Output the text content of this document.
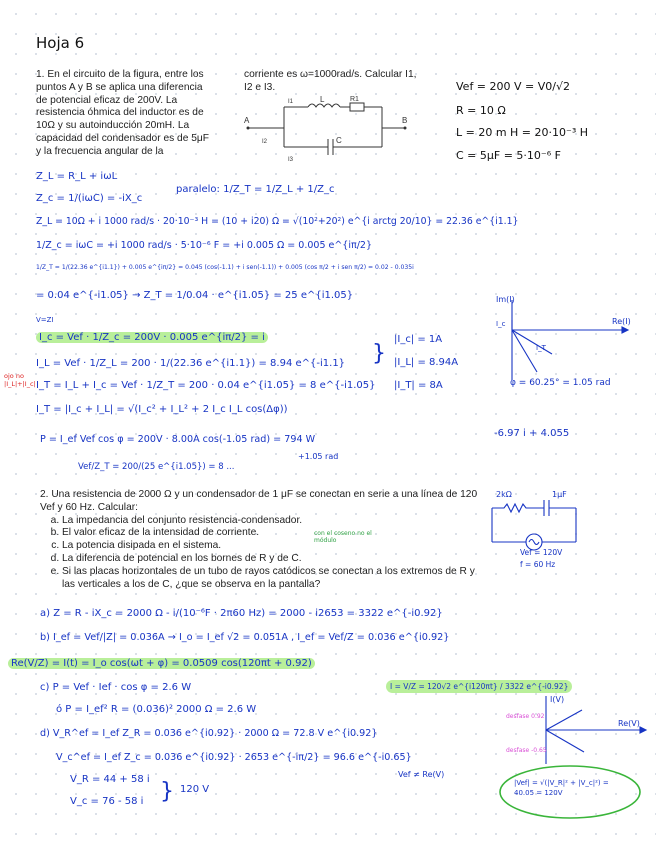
Hoja 6
1. En el circuito de la figura, entre los puntos A y B se aplica una diferencia de potencial eficaz de 200V. La resistencia óhmica del inductor es de 10Ω y su autoinducción 20mH. La capacidad del condensador es de 5μF y la frecuencia angular de la
corriente es ω=1000rad/s. Calcular I1, I2 e I3.
A	B
L	R1
C
I1
I2
I3
Vef = 200 V = V0/√2
R = 10 Ω
L = 20 m H = 20·10⁻³ H
C = 5μF = 5·10⁻⁶ F
Z_L = R_L + iωL
Z_c = 1/(iωC) = -iX_c
paralelo: 1/Z_T = 1/Z_L + 1/Z_c
Z_L = 10Ω + i 1000 rad/s · 20·10⁻³ H = (10 + i20) Ω = √(10²+20²) e^{i arctg 20/10} = 22.36 e^{i1.1}
1/Z_c = iωC = +i 1000 rad/s · 5·10⁻⁶ F = +i 0.005 Ω = 0.005 e^{iπ/2}
1/Z_T = 1/(22.36 e^{i1.1}) + 0.005 e^{iπ/2} = 0.045 (cos(-1.1) + i sen(-1.1)) + 0.005 (cos π/2 + i sen π/2) = 0.02 - 0.035i
= 0.04 e^{-i1.05} → Z_T = 1/0.04 · e^{i1.05} = 25 e^{i1.05}
V=ZI
I_c = Vef · 1/Z_c = 200V · 0.005 e^{iπ/2} = i
I_L = Vef · 1/Z_L = 200 · 1/(22.36 e^{i1.1}) = 8.94 e^{-i1.1}
I_T = I_L + I_c = Vef · 1/Z_T = 200 · 0.04 e^{i1.05} = 8 e^{-i1.05}
ojo no |I_L|+|I_c|
I_T = |I_c + I_L| = √(I_c² + I_L² + 2 I_c I_L cos(Δφ))
}
|I_c| = 1A
|I_L| = 8.94A
|I_T| = 8A
Im(I)
Re(I)
I_c
I_T
φ = 60.25° = 1.05 rad
-6.97 i + 4.055
P = I_ef Vef cos φ = 200V · 8.00A cos(-1.05 rad) = 794 W
+1.05 rad
Vef/Z_T = 200/(25 e^{i1.05}) = 8 ...
2. Una resistencia de 2000 Ω y un condensador de 1 μF se conectan en serie a una línea de 120 Vef y 60 Hz. Calcular:
a. La impedancia del conjunto resistencia-condensador.
b. El valor eficaz de la intensidad de corriente.
c. La potencia disipada en el sistema.
d. La diferencia de potencial en los bornes de R y de C.
e. Si las placas horizontales de un tubo de rayos catódicos se conectan a los extremos de R y las verticales a los de C, ¿que se observa en la pantalla?
con el coseno no el módulo
2kΩ	1μF
Vef = 120V
f = 60 Hz
a) Z = R - iX_c = 2000 Ω - i/(10⁻⁶F · 2π60 Hz) = 2000 - i2653 = 3322 e^{-i0.92}
b) I_ef = Vef/|Z| = 0.036A → I_o = I_ef √2 = 0.051A , I_ef = Vef/Z = 0.036 e^{i0.92}
Re(V/Z) = I(t) = I_o cos(ωt + φ) = 0.0509 cos(120πt + 0.92)
c) P = Vef · Ief · cos φ = 2.6 W	I = V/Z = 120√2 e^{i120πt} / 3322 e^{-i0.92}
ó P = I_ef² R = (0.036)² 2000 Ω = 2.6 W
d) V_R^ef = I_ef Z_R = 0.036 e^{i0.92} · 2000 Ω = 72.8 V e^{i0.92}
V_c^ef = I_ef Z_c = 0.036 e^{i0.92} · 2653 e^{-iπ/2} = 96.6 e^{-i0.65}
Vef ≠ Re(V)
V_R = 44 + 58 i
V_c = 76 - 58 i } 120 V
I(V)
Re(V)
desfase 0.92
desfase -0.65
|Vef| = √(|V_R|² + |V_c|²) = 40.05 = 120V
